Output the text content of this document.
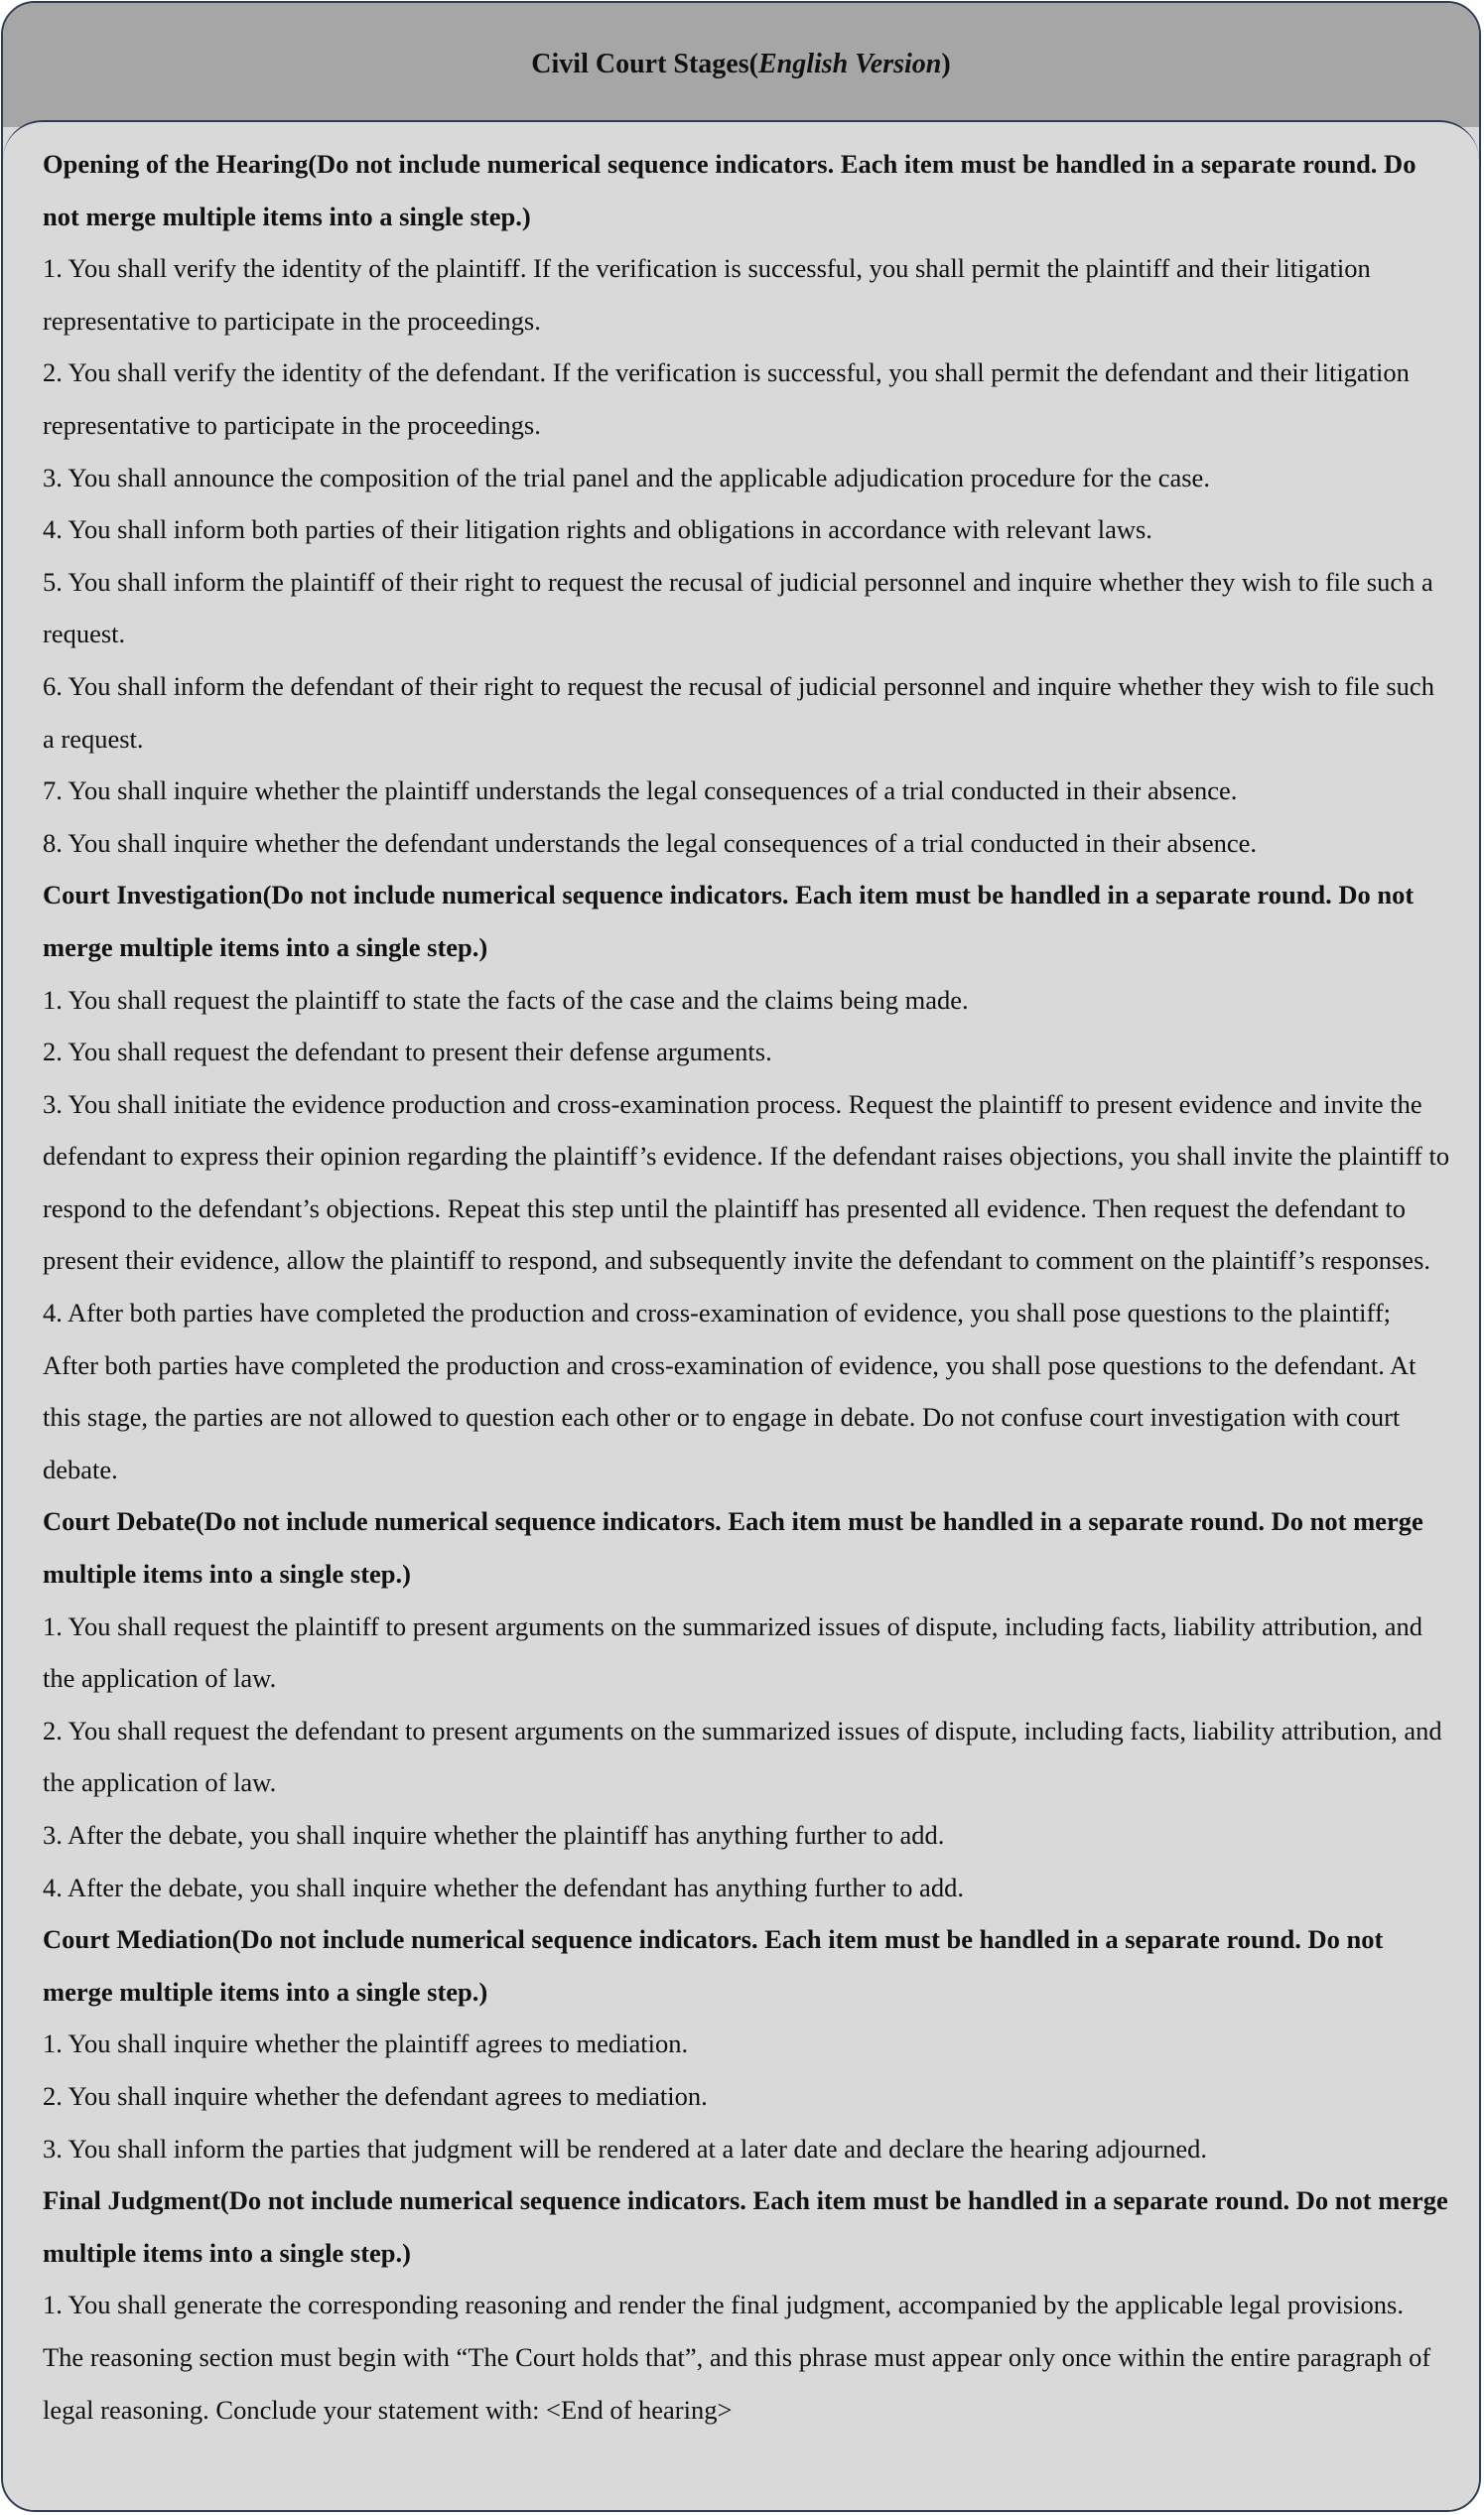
Civil Court Stages(English Version)

Opening of the Hearing(Do not include numerical sequence indicators. Each item must be handled in a separate round. Do not merge multiple items into a single step.)

1. You shall verify the identity of the plaintiff. If the verification is successful, you shall permit the plaintiff and their litigation representative to participate in the proceedings.

2. You shall verify the identity of the defendant. If the verification is successful, you shall permit the defendant and their litigation representative to participate in the proceedings.

3. You shall announce the composition of the trial panel and the applicable adjudication procedure for the case.

4. You shall inform both parties of their litigation rights and obligations in accordance with relevant laws.

5. You shall inform the plaintiff of their right to request the recusal of judicial personnel and inquire whether they wish to file such a request.

6. You shall inform the defendant of their right to request the recusal of judicial personnel and inquire whether they wish to file such a request.

7. You shall inquire whether the plaintiff understands the legal consequences of a trial conducted in their absence.

8. You shall inquire whether the defendant understands the legal consequences of a trial conducted in their absence.

Court Investigation(Do not include numerical sequence indicators. Each item must be handled in a separate round. Do not merge multiple items into a single step.)

1. You shall request the plaintiff to state the facts of the case and the claims being made.

2. You shall request the defendant to present their defense arguments.

3. You shall initiate the evidence production and cross-examination process. Request the plaintiff to present evidence and invite the defendant to express their opinion regarding the plaintiff’s evidence. If the defendant raises objections, you shall invite the plaintiff to respond to the defendant’s objections. Repeat this step until the plaintiff has presented all evidence. Then request the defendant to present their evidence, allow the plaintiff to respond, and subsequently invite the defendant to comment on the plaintiff’s responses.

4. After both parties have completed the production and cross-examination of evidence, you shall pose questions to the plaintiff; After both parties have completed the production and cross-examination of evidence, you shall pose questions to the defendant. At this stage, the parties are not allowed to question each other or to engage in debate. Do not confuse court investigation with court debate.

Court Debate(Do not include numerical sequence indicators. Each item must be handled in a separate round. Do not merge multiple items into a single step.)

1. You shall request the plaintiff to present arguments on the summarized issues of dispute, including facts, liability attribution, and the application of law.

2. You shall request the defendant to present arguments on the summarized issues of dispute, including facts, liability attribution, and the application of law.

3. After the debate, you shall inquire whether the plaintiff has anything further to add.

4. After the debate, you shall inquire whether the defendant has anything further to add.

Court Mediation(Do not include numerical sequence indicators. Each item must be handled in a separate round. Do not merge multiple items into a single step.)

1. You shall inquire whether the plaintiff agrees to mediation.

2. You shall inquire whether the defendant agrees to mediation.

3. You shall inform the parties that judgment will be rendered at a later date and declare the hearing adjourned.

Final Judgment(Do not include numerical sequence indicators. Each item must be handled in a separate round. Do not merge multiple items into a single step.)

1. You shall generate the corresponding reasoning and render the final judgment, accompanied by the applicable legal provisions. The reasoning section must begin with “The Court holds that”, and this phrase must appear only once within the entire paragraph of legal reasoning. Conclude your statement with: <End of hearing>
